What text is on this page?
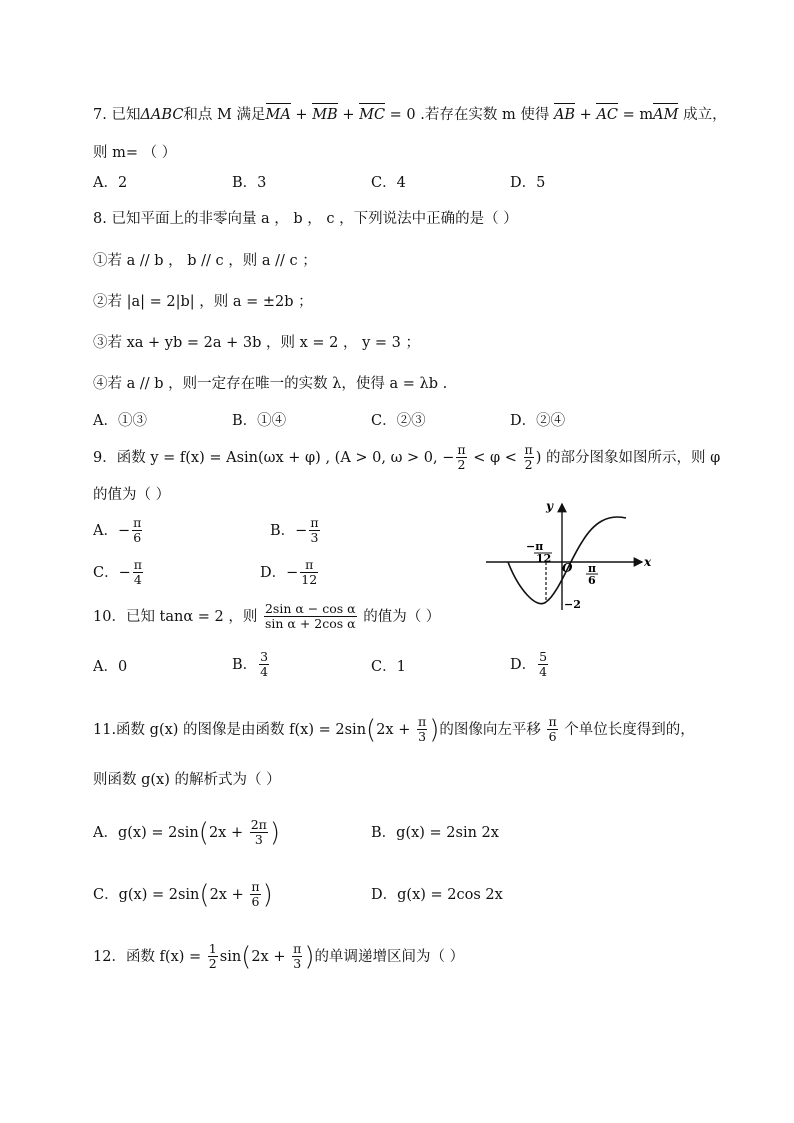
7. 已知ΔABC和点 M 满足MA + MB + MC = 0 .若存在实数 m 使得 AB + AC = mAM 成立，
则 m= （ ）
A．2	B．3	C．4	D．5
8. 已知平面上的非零向量 a ， b ， c ，下列说法中正确的是（ ）
①若 a // b ， b // c ，则 a // c ；
②若 |a| = 2|b| ，则 a = ±2b ；
③若 xa + yb = 2a + 3b ，则 x = 2 ， y = 3 ；
④若 a // b ，则一定存在唯一的实数 λ，使得 a = λb .
A．①③	B．①④	C．②③	D．②④
9．函数 y = f(x) = Asin(ωx + φ) , (A > 0, ω > 0, − $\frac{\pi}{2} < \varphi < \frac{\pi}{2}$ ) 的部分图象如图所示，则 φ
的值为（ ）
A．− $\frac{\pi}{6}$	B．− $\frac{\pi}{3}$
C．− $\frac{\pi}{4}$	D．− $\frac{\pi}{12}$
y
x
O
−π
12
π
6
−2
10．已知 tanα = 2 ，则 $\frac{\text{2sin α − cos α}}{\text{sin α + 2cos α}}$ 的值为（ ）
A．0	B． $\frac{3}{4}$	C．1	D． $\frac{5}{4}$
11.函数 g(x) 的图像是由函数 $f(x) = 2\sin(2x + \frac{\pi}{3}$ )的图像向左平移 $\frac{\pi}{6}$ 个单位长度得到的，
则函数 g(x) 的解析式为（ ）
A．$g(x) = 2\sin(2x + \frac{2\pi}{3}$ )	B．g(x) = 2sin 2x
C．$g(x) = 2\sin(2x + \frac{\pi}{6}$ )	D．g(x) = 2cos 2x
12．函数 $f(x) = \frac{1}{2} \sin(2x + \frac{\pi}{3}$ )的单调递增区间为（ ）
